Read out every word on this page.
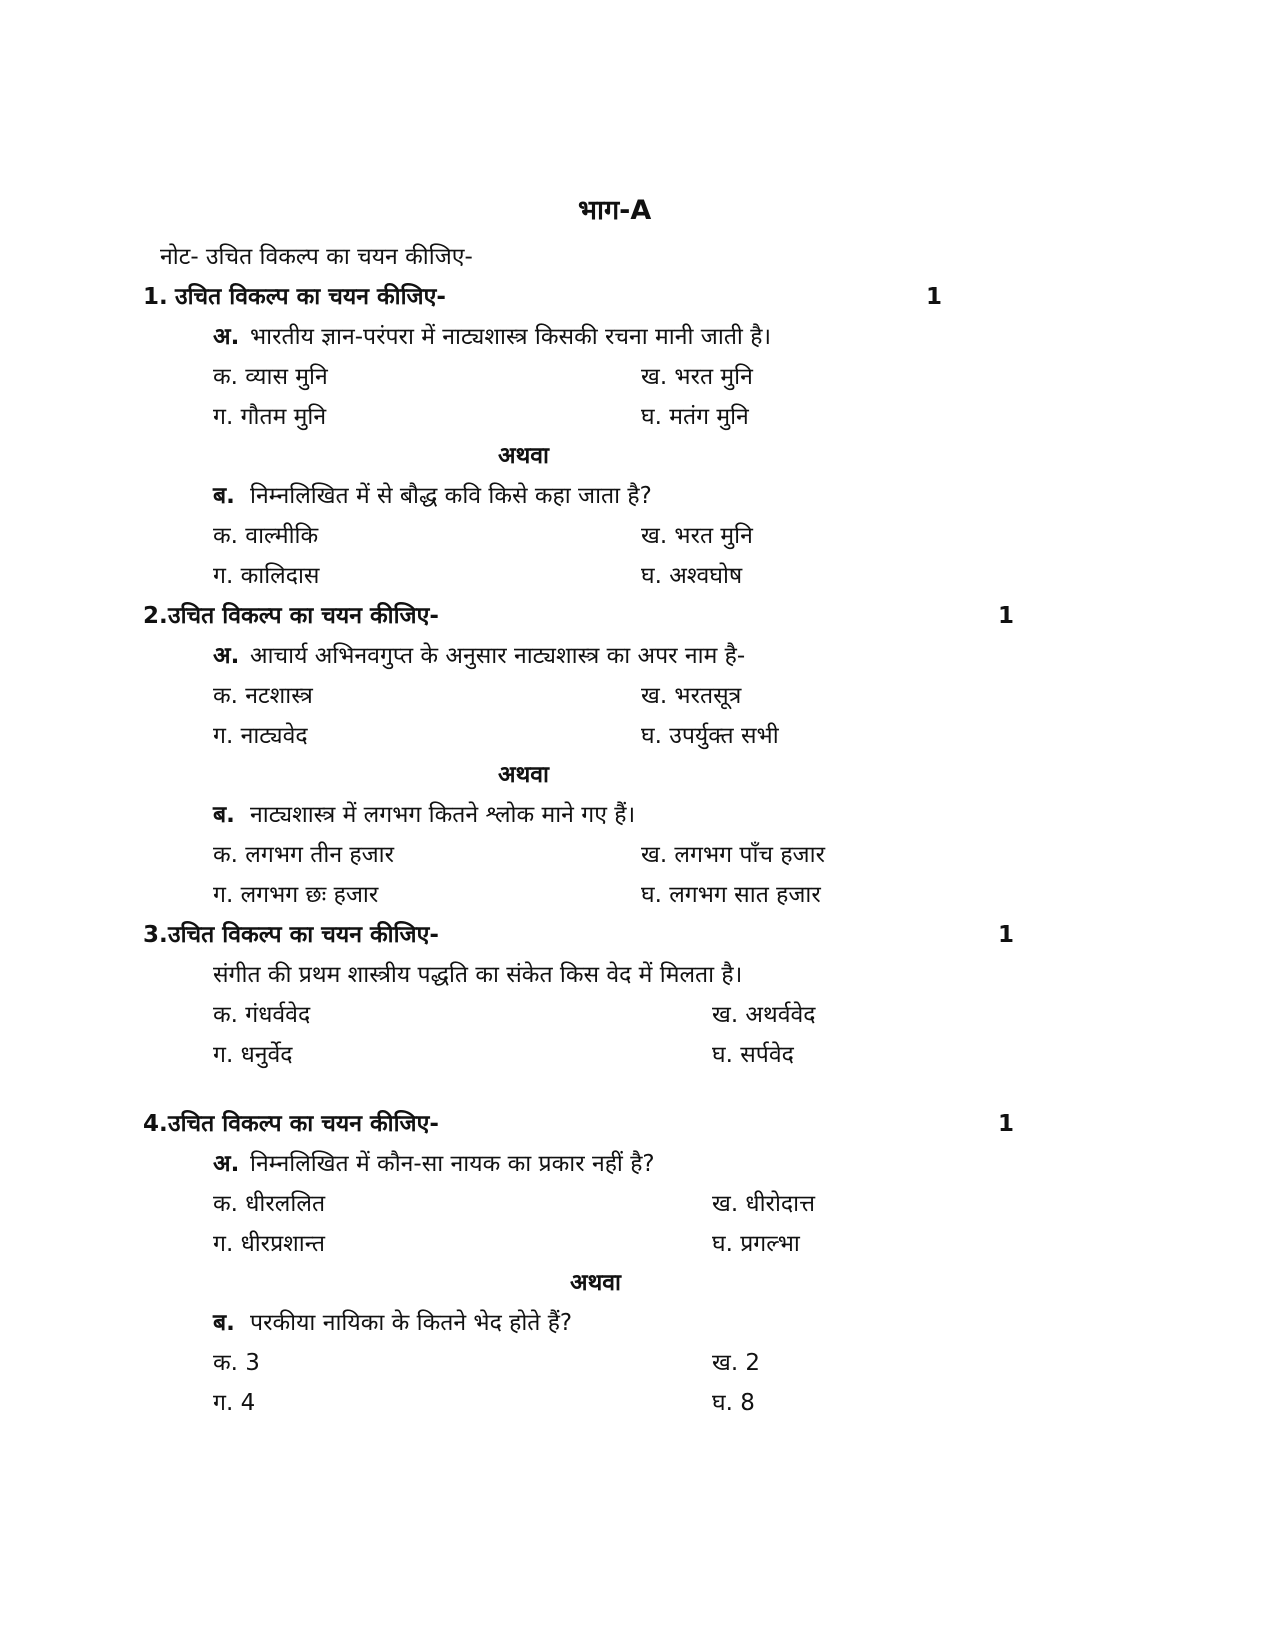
भाग-A
नोट- उचित विकल्प का चयन कीजिए-
1. उचित विकल्प का चयन कीजिए-	1
अ. भारतीय ज्ञान-परंपरा में नाट्यशास्त्र किसकी रचना मानी जाती है।
क. व्यास मुनि	ख. भरत मुनि
ग. गौतम मुनि	घ. मतंग मुनि
अथवा
ब. निम्नलिखित में से बौद्ध कवि किसे कहा जाता है?
क. वाल्मीकि	ख. भरत मुनि
ग. कालिदास	घ. अश्वघोष
2. उचित विकल्प का चयन कीजिए-	1
अ. आचार्य अभिनवगुप्त के अनुसार नाट्यशास्त्र का अपर नाम है-
क. नटशास्त्र	ख. भरतसूत्र
ग. नाट्यवेद	घ. उपर्युक्त सभी
अथवा
ब. नाट्यशास्त्र में लगभग कितने श्लोक माने गए हैं।
क. लगभग तीन हजार	ख. लगभग पाँच हजार
ग. लगभग छः हजार	घ. लगभग सात हजार
3. उचित विकल्प का चयन कीजिए-	1
संगीत की प्रथम शास्त्रीय पद्धति का संकेत किस वेद में मिलता है।
क. गंधर्ववेद	ख. अथर्ववेद
ग. धनुर्वेद	घ. सर्पवेद
4. उचित विकल्प का चयन कीजिए-	1
अ. निम्नलिखित में कौन-सा नायक का प्रकार नहीं है?
क. धीरललित	ख. धीरोदात्त
ग. धीरप्रशान्त	घ. प्रगल्भा
अथवा
ब. परकीया नायिका के कितने भेद होते हैं?
क. 3	ख. 2
ग. 4	घ. 8
